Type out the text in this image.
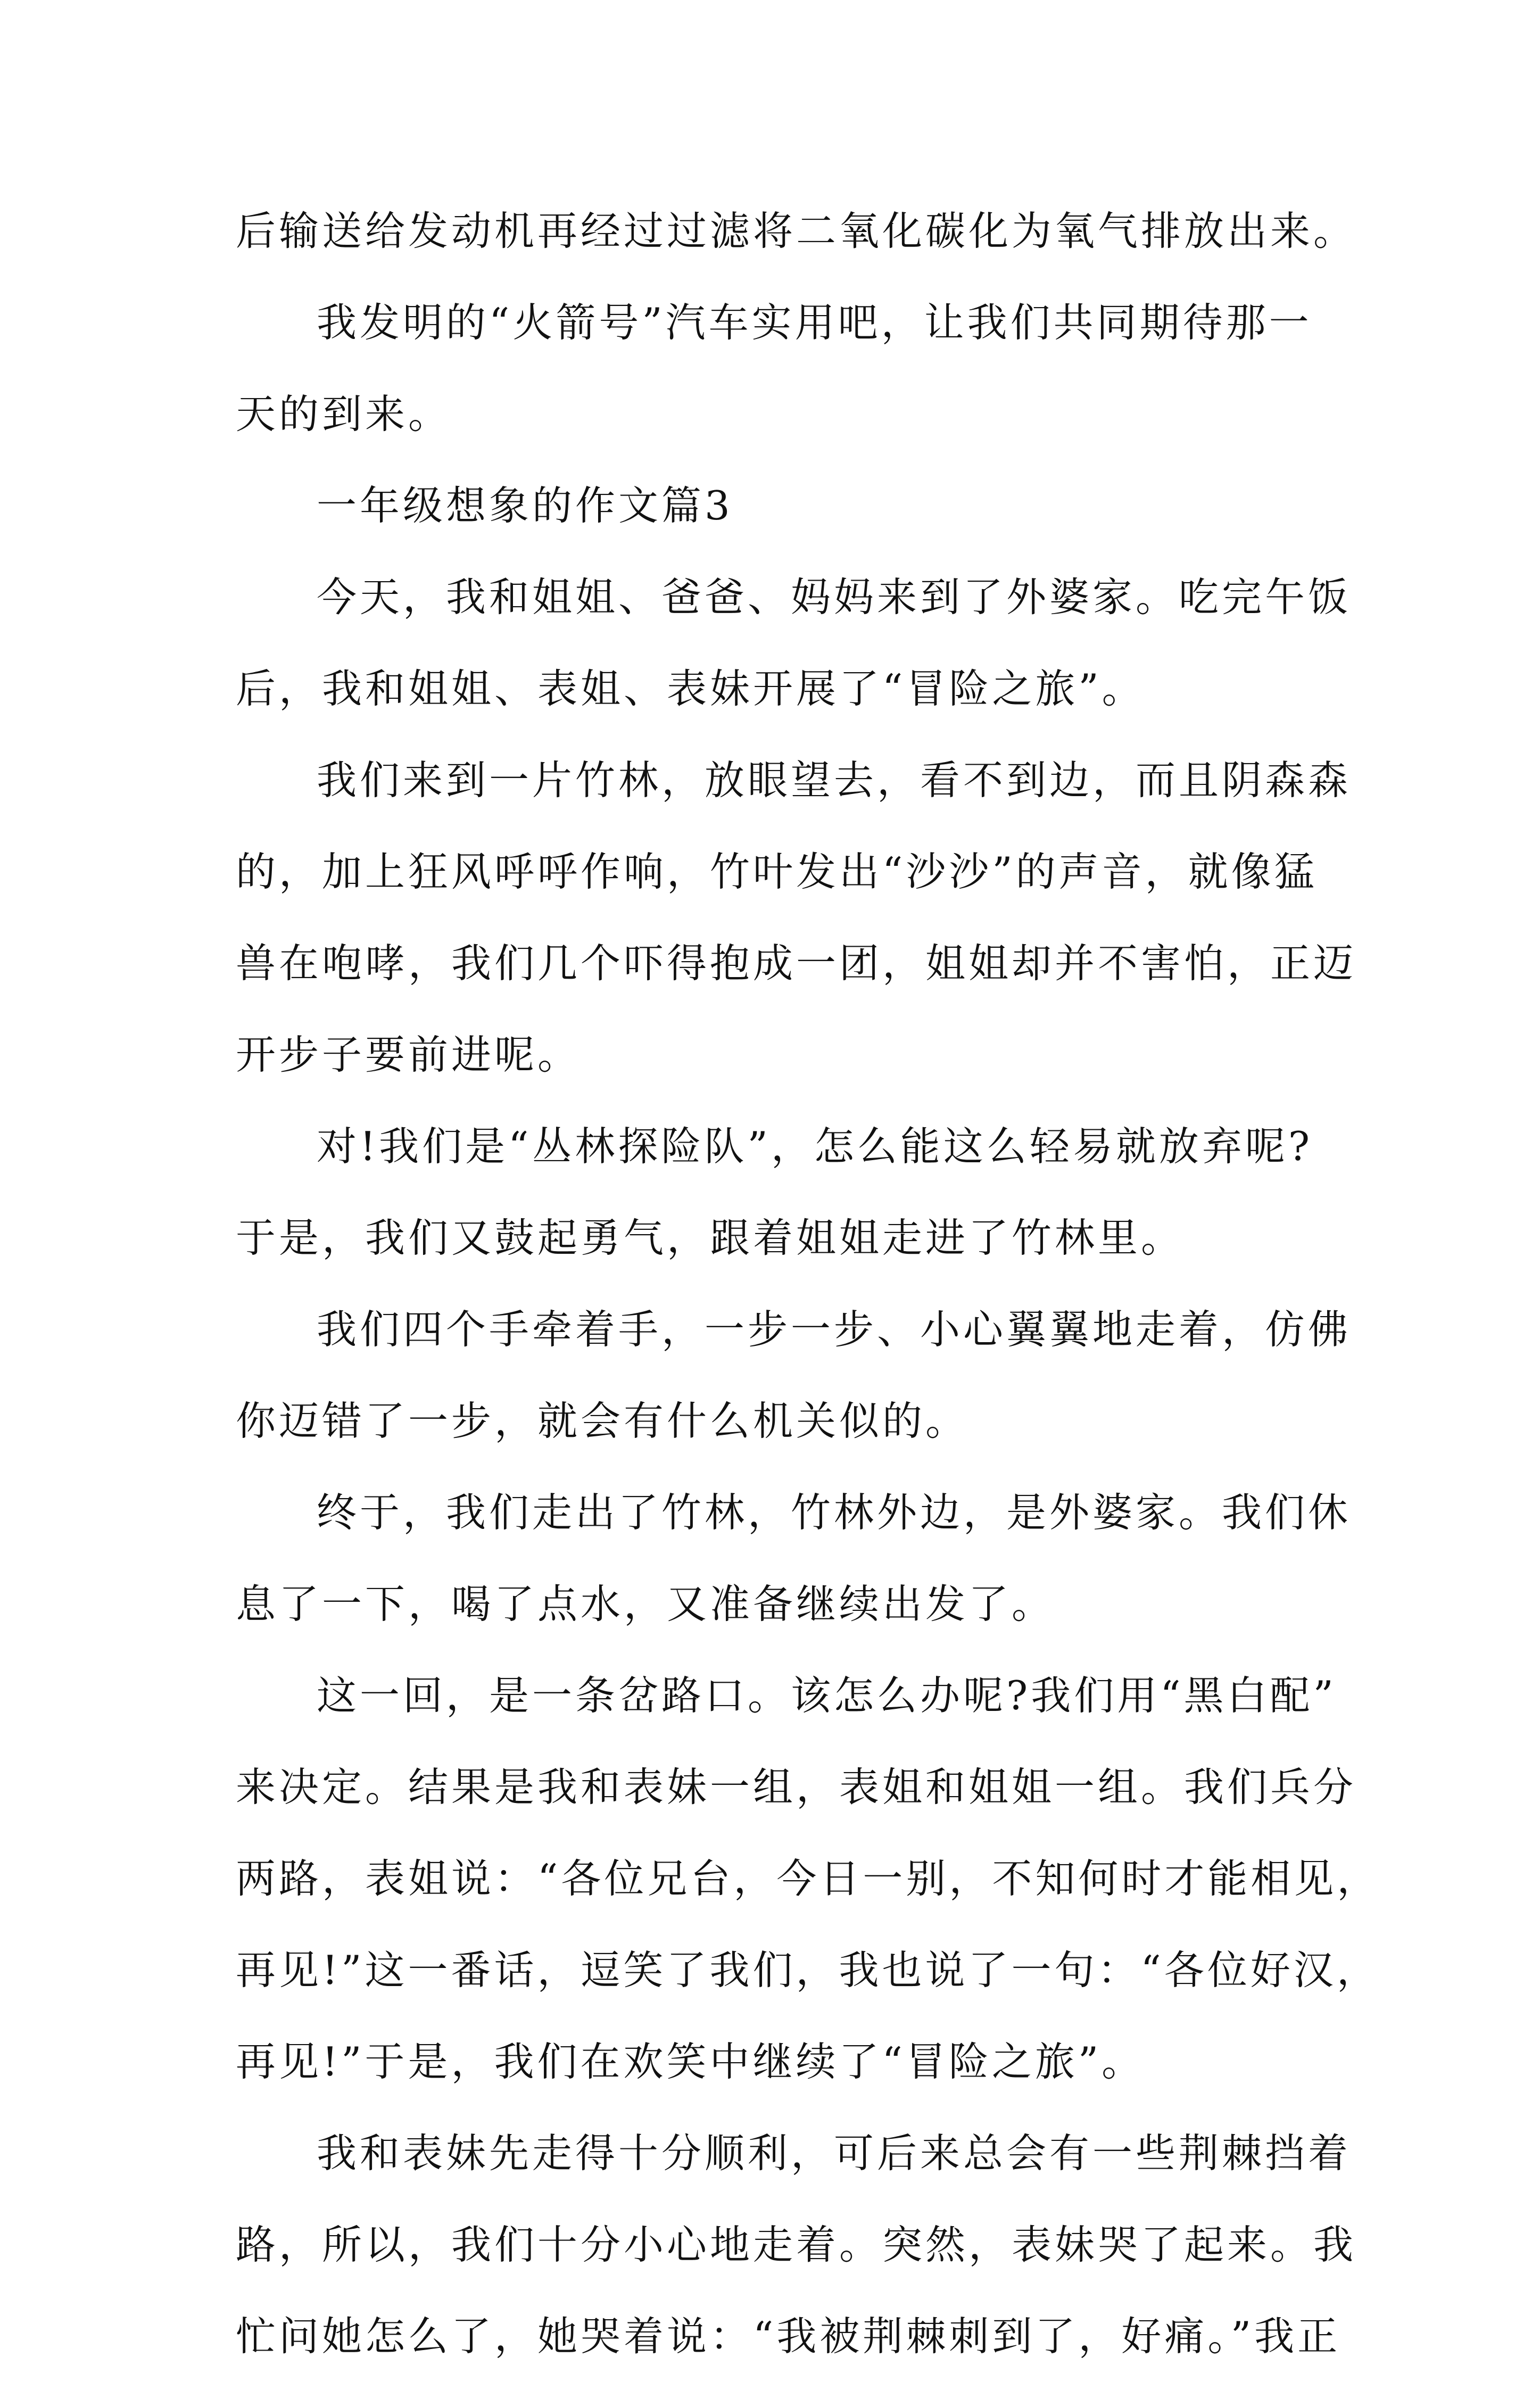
后输送给发动机再经过过滤将二氧化碳化为氧气排放出来。
我发明的“火箭号”汽车实用吧，让我们共同期待那一
天的到来。
一年级想象的作文篇3
今天，我和姐姐、爸爸、妈妈来到了外婆家。吃完午饭
后，我和姐姐、表姐、表妹开展了“冒险之旅”。
我们来到一片竹林，放眼望去，看不到边，而且阴森森
的，加上狂风呼呼作响，竹叶发出“沙沙”的声音，就像猛
兽在咆哮，我们几个吓得抱成一团，姐姐却并不害怕，正迈
开步子要前进呢。
对!我们是“丛林探险队”，怎么能这么轻易就放弃呢?
于是，我们又鼓起勇气，跟着姐姐走进了竹林里。
我们四个手牵着手，一步一步、小心翼翼地走着，仿佛
你迈错了一步，就会有什么机关似的。
终于，我们走出了竹林，竹林外边，是外婆家。我们休
息了一下，喝了点水，又准备继续出发了。
这一回，是一条岔路口。该怎么办呢?我们用“黑白配”
来决定。结果是我和表妹一组，表姐和姐姐一组。我们兵分
两路，表姐说：“各位兄台，今日一别，不知何时才能相见，
再见!”这一番话，逗笑了我们，我也说了一句：“各位好汉，
再见!”于是，我们在欢笑中继续了“冒险之旅”。
我和表妹先走得十分顺利，可后来总会有一些荆棘挡着
路，所以，我们十分小心地走着。突然，表妹哭了起来。我
忙问她怎么了，她哭着说：“我被荆棘刺到了，好痛。”我正
